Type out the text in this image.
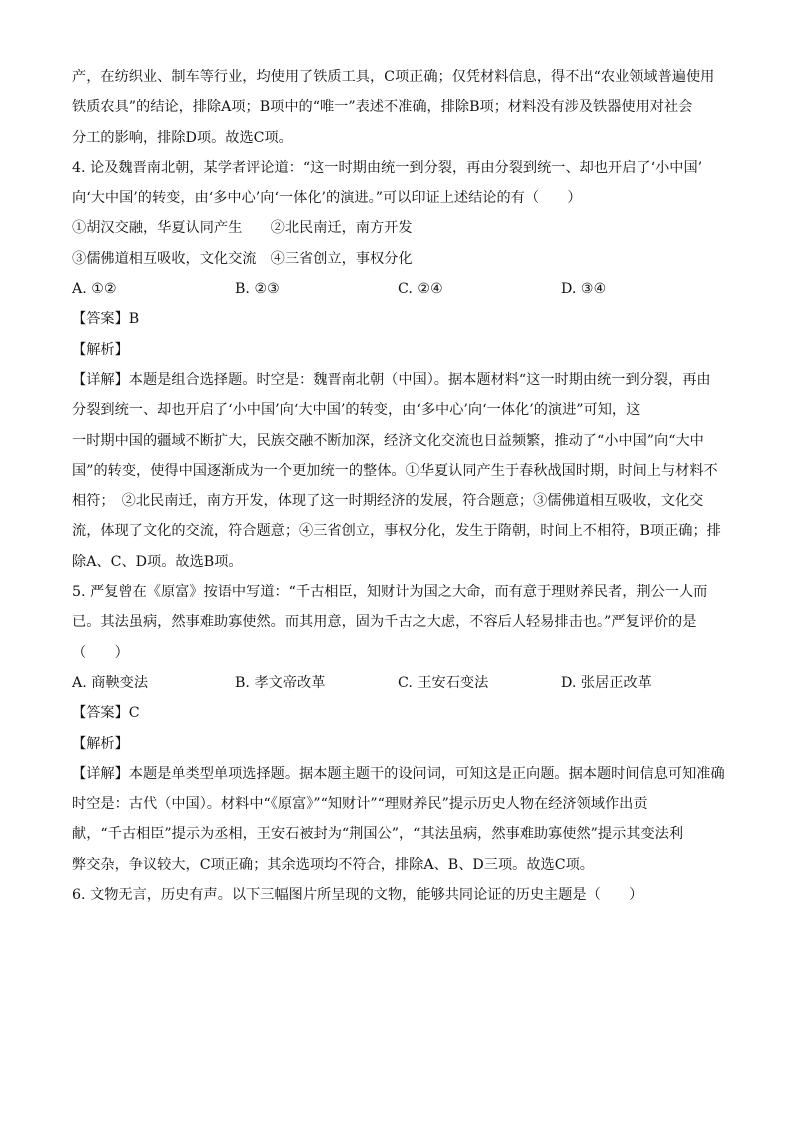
产，在纺织业、制车等行业，均使用了铁质工具，C项正确；仅凭材料信息，得不出“农业领域普遍使用
铁质农具”的结论，排除A项；B项中的“唯一”表述不准确，排除B项；材料没有涉及铁器使用对社会
分工的影响，排除D项。故选C项。
4. 论及魏晋南北朝，某学者评论道：“这一时期由统一到分裂，再由分裂到统一、却也开启了‘小中国’
向‘大中国’的转变，由‘多中心’向‘一体化’的演进。”可以印证上述结论的有（　　）
①胡汉交融，华夏认同产生　　②北民南迁，南方开发
③儒佛道相互吸收，文化交流　④三省创立，事权分化
A. ①②	B. ②③	C. ②④	D. ③④
【答案】B
【解析】
【详解】本题是组合选择题。时空是：魏晋南北朝（中国）。据本题材料“这一时期由统一到分裂，再由
分裂到统一、却也开启了‘小中国’向‘大中国’的转变，由‘多中心’向‘一体化’的演进”可知，这
一时期中国的疆域不断扩大，民族交融不断加深，经济文化交流也日益频繁，推动了“小中国”向“大中
国”的转变，使得中国逐渐成为一个更加统一的整体。①华夏认同产生于春秋战国时期，时间上与材料不
相符；　②北民南迁，南方开发，体现了这一时期经济的发展，符合题意；③儒佛道相互吸收，文化交
流，体现了文化的交流，符合题意；④三省创立，事权分化，发生于隋朝，时间上不相符，B项正确；排
除A、C、D项。故选B项。
5. 严复曾在《原富》按语中写道：“千古相臣，知财计为国之大命，而有意于理财养民者，荆公一人而
已。其法虽病，然事难助寡使然。而其用意，固为千古之大虑，不容后人轻易排击也。”严复评价的是
（　　）
A. 商鞅变法	B. 孝文帝改革	C. 王安石变法	D. 张居正改革
【答案】C
【解析】
【详解】本题是单类型单项选择题。据本题主题干的设问词，可知这是正向题。据本题时间信息可知准确
时空是：古代（中国）。材料中“《原富》”“知财计”“理财养民”提示历史人物在经济领域作出贡
献，“千古相臣”提示为丞相，王安石被封为“荆国公”，“其法虽病，然事难助寡使然”提示其变法利
弊交杂，争议较大，C项正确；其余选项均不符合，排除A、B、D三项。故选C项。
6. 文物无言，历史有声。以下三幅图片所呈现的文物，能够共同论证的历史主题是（　　）
